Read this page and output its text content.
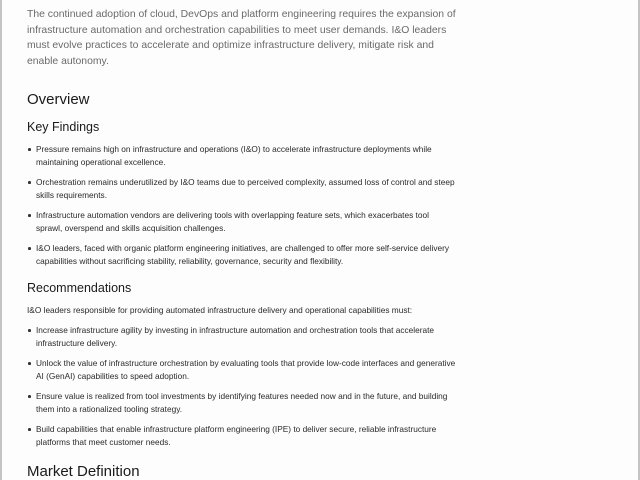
The continued adoption of cloud, DevOps and platform engineering requires the expansion of infrastructure automation and orchestration capabilities to meet user demands. I&O leaders must evolve practices to accelerate and optimize infrastructure delivery, mitigate risk and enable autonomy.

Overview
Key Findings
Pressure remains high on infrastructure and operations (I&O) to accelerate infrastructure deployments while maintaining operational excellence.
Orchestration remains underutilized by I&O teams due to perceived complexity, assumed loss of control and steep skills requirements.
Infrastructure automation vendors are delivering tools with overlapping feature sets, which exacerbates tool sprawl, overspend and skills acquisition challenges.
I&O leaders, faced with organic platform engineering initiatives, are challenged to offer more self-service delivery capabilities without sacrificing stability, reliability, governance, security and flexibility.
Recommendations

I&O leaders responsible for providing automated infrastructure delivery and operational capabilities must:

Increase infrastructure agility by investing in infrastructure automation and orchestration tools that accelerate infrastructure delivery.
Unlock the value of infrastructure orchestration by evaluating tools that provide low-code interfaces and generative AI (GenAI) capabilities to speed adoption.
Ensure value is realized from tool investments by identifying features needed now and in the future, and building them into a rationalized tooling strategy.
Build capabilities that enable infrastructure platform engineering (IPE) to deliver secure, reliable infrastructure platforms that meet customer needs.
Market Definition
